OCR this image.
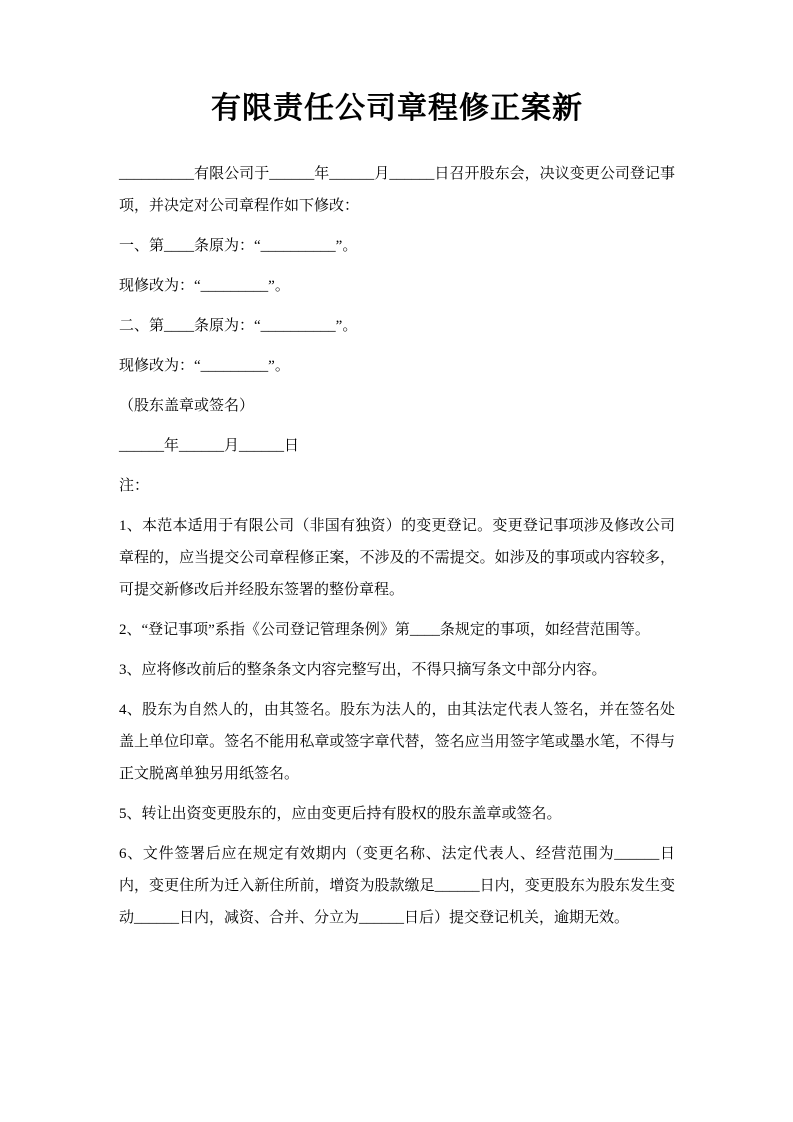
有限责任公司章程修正案新

__________有限公司于______年______月______日召开股东会，决议变更公司登记事项，并决定对公司章程作如下修改：

一、第____条原为：“__________”。

现修改为：“_________”。

二、第____条原为：“__________”。

现修改为：“_________”。

（股东盖章或签名）

______年______月______日

注：

1、本范本适用于有限公司（非国有独资）的变更登记。变更登记事项涉及修改公司章程的，应当提交公司章程修正案，不涉及的不需提交。如涉及的事项或内容较多，可提交新修改后并经股东签署的整份章程。

2、“登记事项”系指《公司登记管理条例》第____条规定的事项，如经营范围等。

3、应将修改前后的整条条文内容完整写出，不得只摘写条文中部分内容。

4、股东为自然人的，由其签名。股东为法人的，由其法定代表人签名，并在签名处盖上单位印章。签名不能用私章或签字章代替，签名应当用签字笔或墨水笔，不得与正文脱离单独另用纸签名。

5、转让出资变更股东的，应由变更后持有股权的股东盖章或签名。

6、文件签署后应在规定有效期内（变更名称、法定代表人、经营范围为______日内，变更住所为迁入新住所前，增资为股款缴足______日内，变更股东为股东发生变动______日内，减资、合并、分立为______日后）提交登记机关，逾期无效。
